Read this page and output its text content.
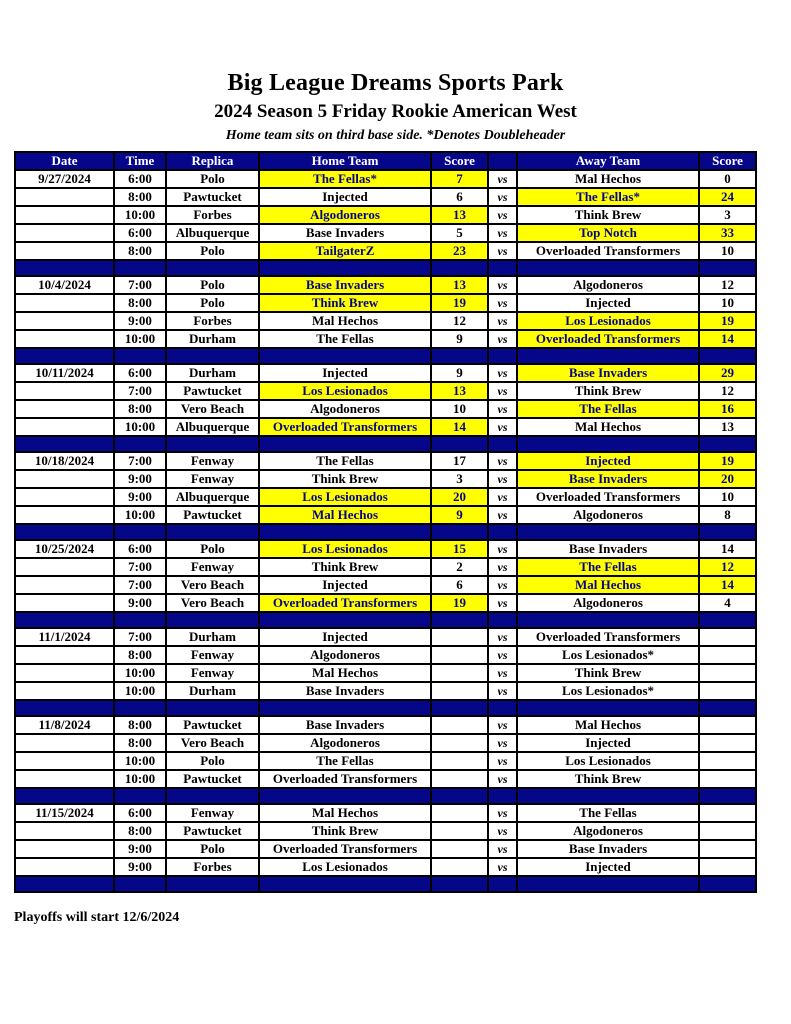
Big League Dreams Sports Park
2024 Season 5 Friday Rookie American West
Home team sits on third base side. *Denotes Doubleheader
Date	Time	Replica	Home Team	Score		Away Team	Score
9/27/2024	6:00	Polo	The Fellas*	7	vs	Mal Hechos	0
	8:00	Pawtucket	Injected	6	vs	The Fellas*	24
	10:00	Forbes	Algodoneros	13	vs	Think Brew	3
	6:00	Albuquerque	Base Invaders	5	vs	Top Notch	33
	8:00	Polo	TailgaterZ	23	vs	Overloaded Transformers	10

10/4/2024	7:00	Polo	Base Invaders	13	vs	Algodoneros	12
	8:00	Polo	Think Brew	19	vs	Injected	10
	9:00	Forbes	Mal Hechos	12	vs	Los Lesionados	19
	10:00	Durham	The Fellas	9	vs	Overloaded Transformers	14

10/11/2024	6:00	Durham	Injected	9	vs	Base Invaders	29
	7:00	Pawtucket	Los Lesionados	13	vs	Think Brew	12
	8:00	Vero Beach	Algodoneros	10	vs	The Fellas	16
	10:00	Albuquerque	Overloaded Transformers	14	vs	Mal Hechos	13

10/18/2024	7:00	Fenway	The Fellas	17	vs	Injected	19
	9:00	Fenway	Think Brew	3	vs	Base Invaders	20
	9:00	Albuquerque	Los Lesionados	20	vs	Overloaded Transformers	10
	10:00	Pawtucket	Mal Hechos	9	vs	Algodoneros	8

10/25/2024	6:00	Polo	Los Lesionados	15	vs	Base Invaders	14
	7:00	Fenway	Think Brew	2	vs	The Fellas	12
	7:00	Vero Beach	Injected	6	vs	Mal Hechos	14
	9:00	Vero Beach	Overloaded Transformers	19	vs	Algodoneros	4

11/1/2024	7:00	Durham	Injected		vs	Overloaded Transformers	
	8:00	Fenway	Algodoneros		vs	Los Lesionados*	
	10:00	Fenway	Mal Hechos		vs	Think Brew	
	10:00	Durham	Base Invaders		vs	Los Lesionados*	

11/8/2024	8:00	Pawtucket	Base Invaders		vs	Mal Hechos	
	8:00	Vero Beach	Algodoneros		vs	Injected	
	10:00	Polo	The Fellas		vs	Los Lesionados	
	10:00	Pawtucket	Overloaded Transformers		vs	Think Brew	

11/15/2024	6:00	Fenway	Mal Hechos		vs	The Fellas	
	8:00	Pawtucket	Think Brew		vs	Algodoneros	
	9:00	Polo	Overloaded Transformers		vs	Base Invaders	
	9:00	Forbes	Los Lesionados		vs	Injected	

Playoffs will start 12/6/2024
